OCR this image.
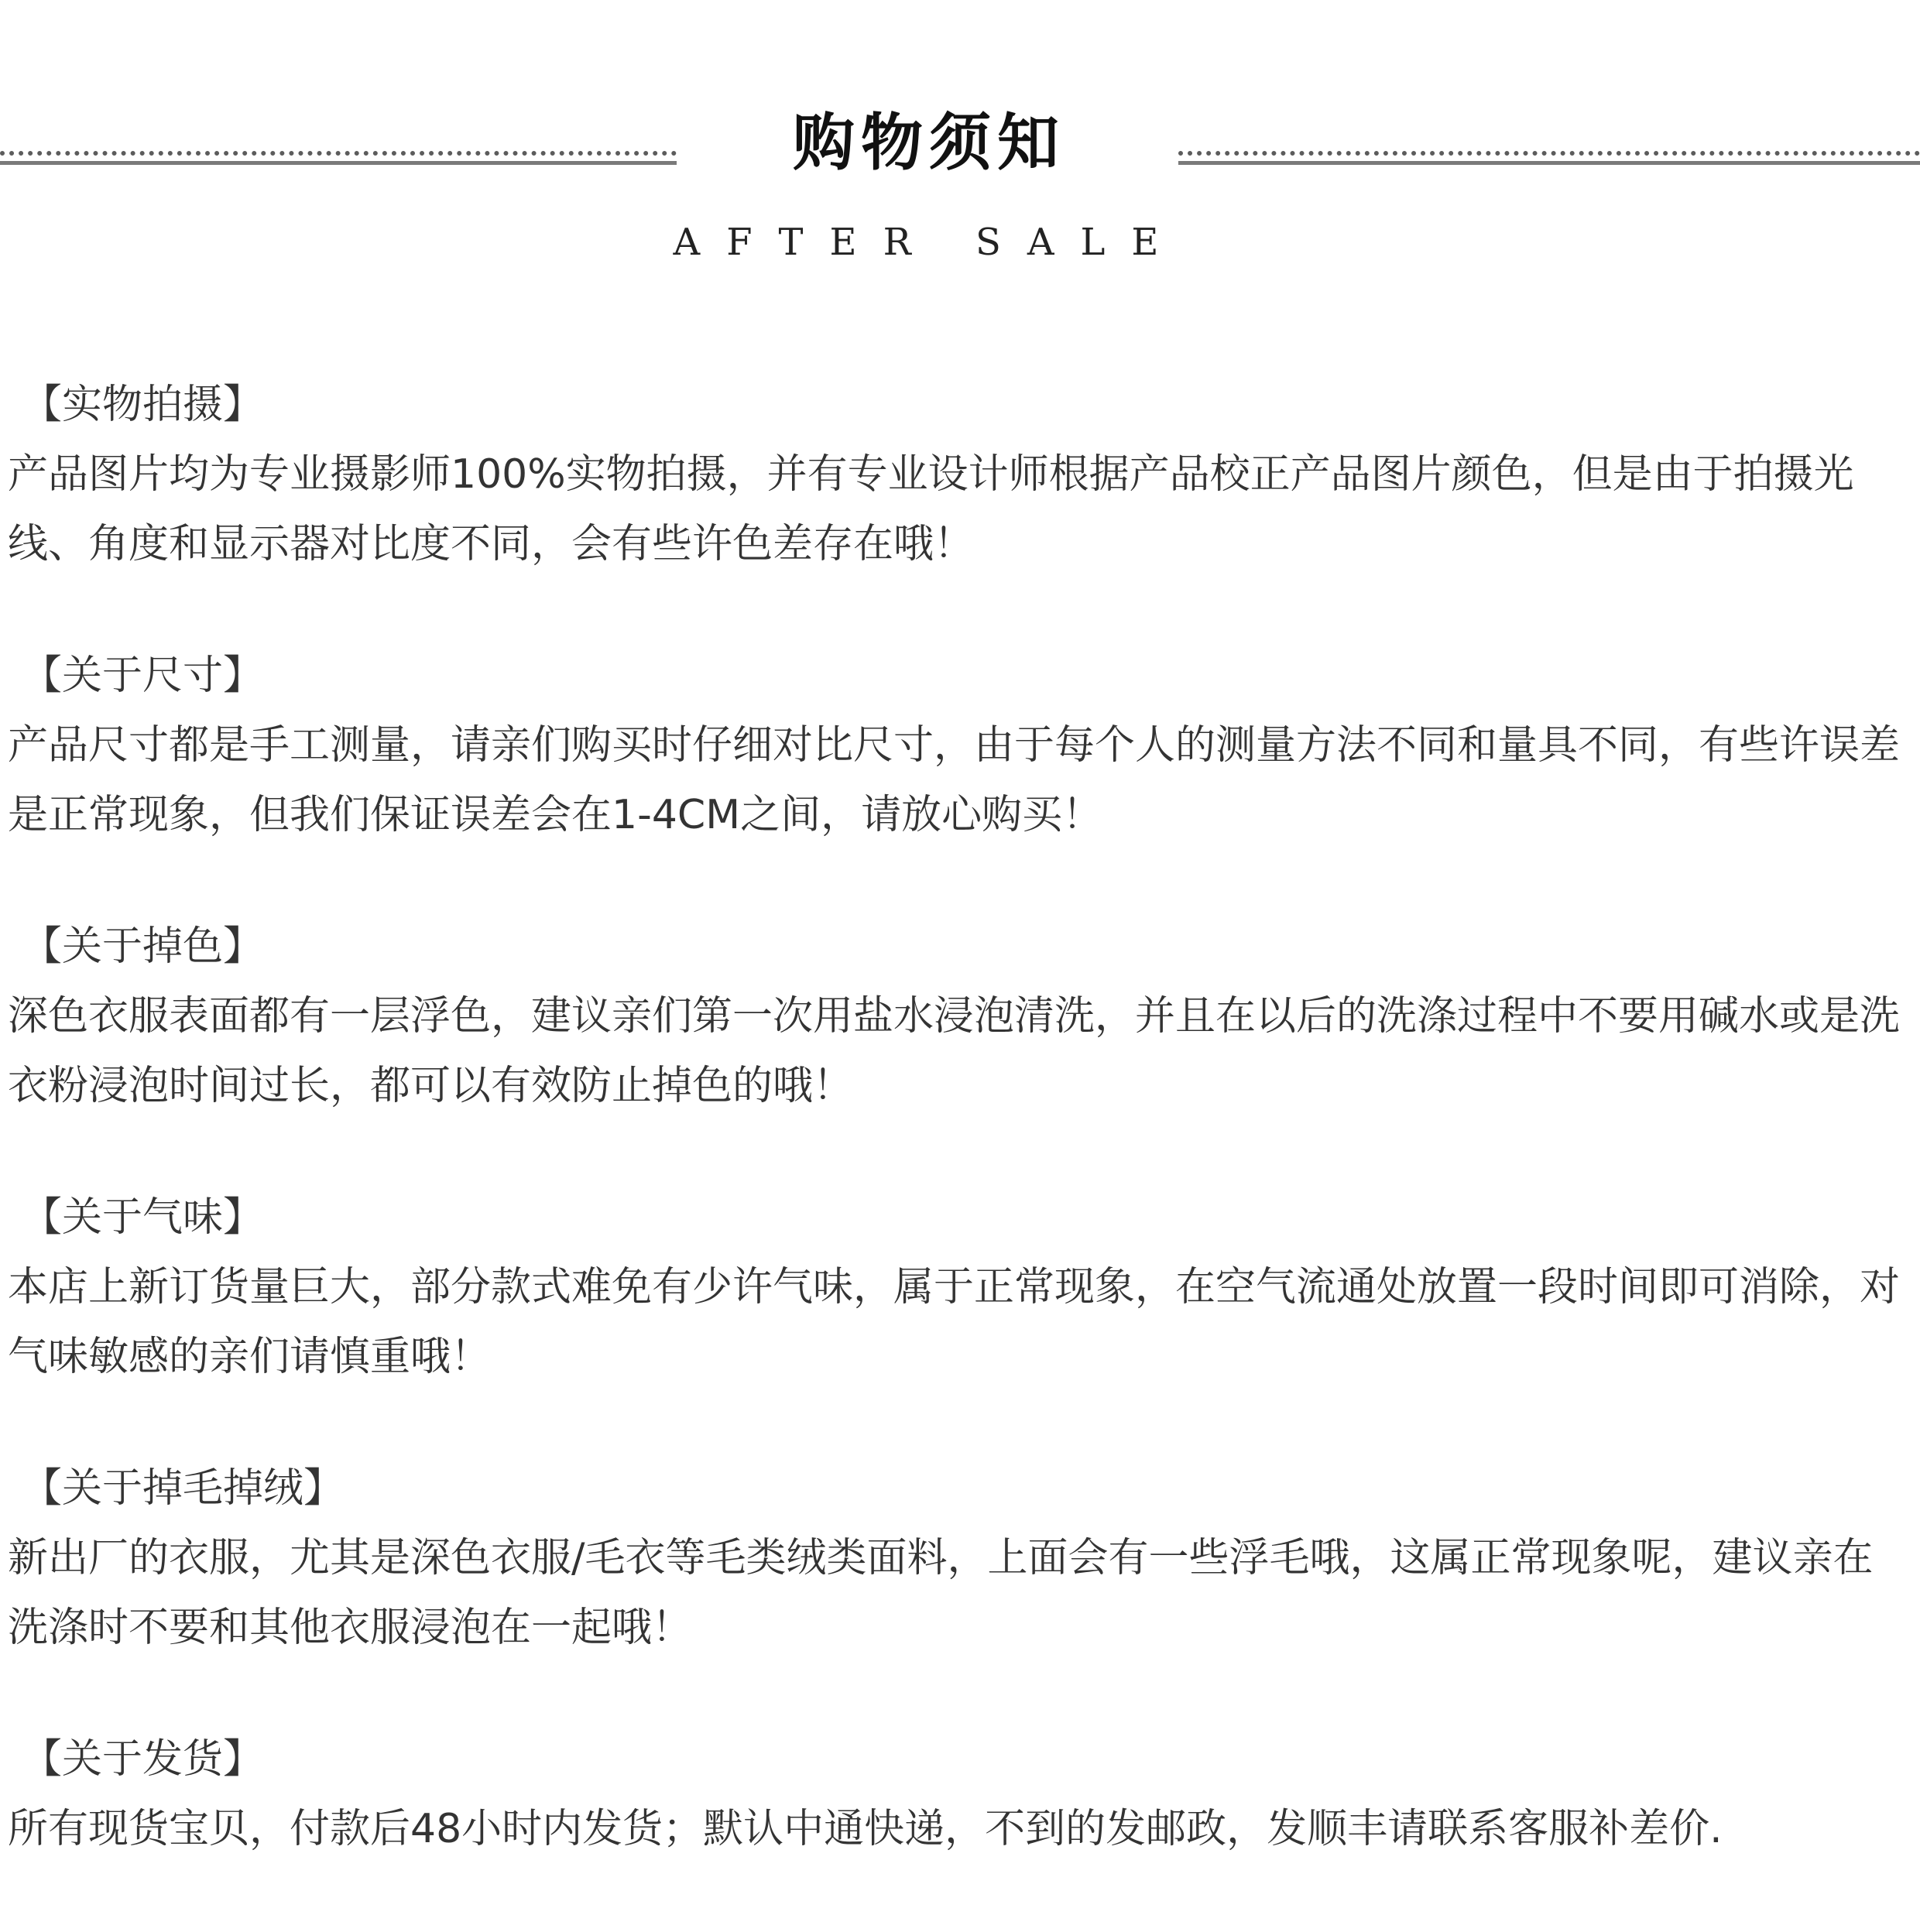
购物须知
AFTER SALE

【实物拍摄】

产品图片均为专业摄影师100%实物拍摄，并有专业设计师根据产品校正产品图片颜色，但是由于拍摄光线、角度和显示器对比度不同，会有些许色差存在哦！

【关于尺寸】

产品尺寸都是手工测量，请亲们购买时仔细对比尺寸，由于每个人的测量方法不同和量具不同，有些许误差是正常现象，但我们保证误差会在1-4CM之间，请放心购买！

【关于掉色】

深色衣服表面都有一层浮色，建议亲们第一次用盐水浸泡清洗，并且在以后的洗涤过程中不要用碱水或是洗衣粉浸泡时间过长，都可以有效防止掉色的哦！

【关于气味】

本店上新订货量巨大，部分款式难免有少许气味，属于正常现象，在空气流通处放置一段时间即可消除，对气味敏感的亲们请慎重哦！

【关于掉毛掉绒】

新出厂的衣服，尤其是深色衣服/毛衣等毛类绒类面料，上面会有一些浮毛哦，这属正常现象呢，建议亲在洗涤时不要和其他衣服浸泡在一起哦！

【关于发货】

所有现货宝贝，付款后48小时内发货；默认中通快递，不到的发邮政，发顺丰请联系客服补差价.
